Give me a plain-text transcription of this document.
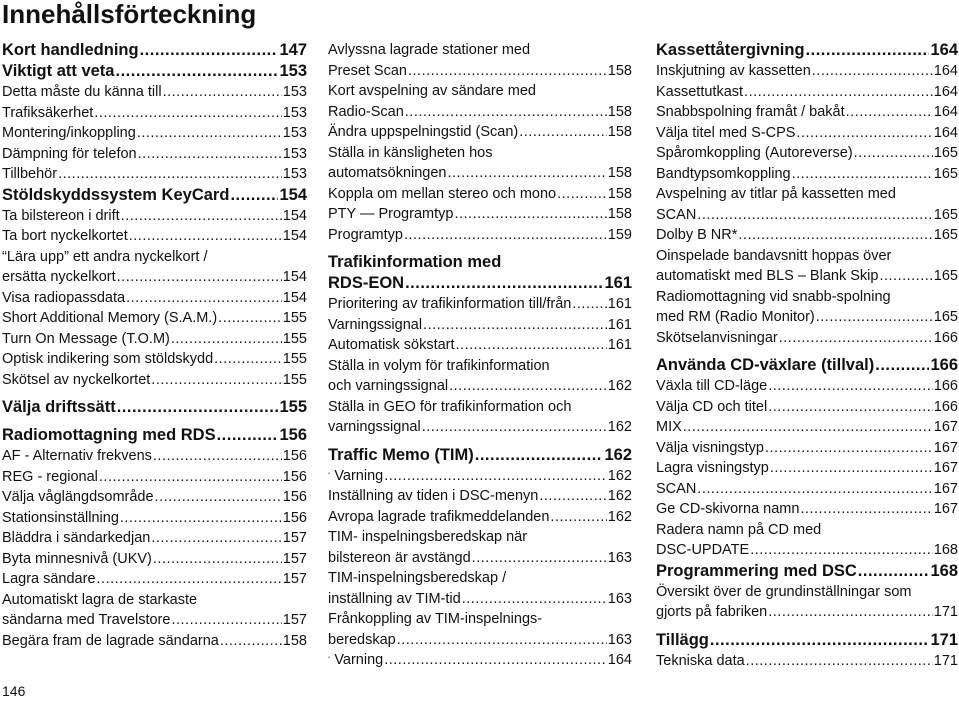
Innehållsförteckning
Kort handledning .....	147
Viktigt att veta .....	153
Detta måste du känna till .....	153
Trafiksäkerhet .....	153
Montering/inkoppling .....	153
Dämpning för telefon .....	153
Tillbehör .....	153
Stöldskyddssystem KeyCard .....	154
Ta bilstereon i drift .....	154
Ta bort nyckelkortet .....	154
“Lära upp” ett andra nyckelkort /
ersätta nyckelkort .....	154
Visa radiopassdata .....	154
Short Additional Memory (S.A.M.) .....	155
Turn On Message (T.O.M) .....	155
Optisk indikering som stöldskydd .....	155
Skötsel av nyckelkortet .....	155
Välja driftssätt .....	155
Radiomottagning med RDS .....	156
AF - Alternativ frekvens .....	156
REG - regional .....	156
Välja våglängdsområde .....	156
Stationsinställning .....	156
Bläddra i sändarkedjan .....	157
Byta minnesnivå (UKV) .....	157
Lagra sändare .....	157
Automatiskt lagra de starkaste
sändarna med Travelstore .....	157
Begära fram de lagrade sändarna .....	158
Avlyssna lagrade stationer med
Preset Scan .....	158
Kort avspelning av sändare med
Radio-Scan .....	158
Ändra uppspelningstid (Scan) .....	158
Ställa in känsligheten hos
automatsökningen .....	158
Koppla om mellan stereo och mono .....	158
PTY — Programtyp .....	158
Programtyp .....	159
Trafikinformation med
RDS-EON .....	161
Prioritering av trafikinformation till/från .....	161
Varningssignal .....	161
Automatisk sökstart .....	161
Ställa in volym för trafikinformation
och varningssignal .....	162
Ställa in GEO för trafikinformation och
varningssignal .....	162
Traffic Memo (TIM) .....	162
Varning .....	162
Inställning av tiden i DSC-menyn .....	162
Avropa lagrade trafikmeddelanden .....	162
TIM- inspelningsberedskap när
bilstereon är avstängd .....	163
TIM-inspelningsberedskap /
inställning av TIM-tid .....	163
Frånkoppling av TIM-inspelnings-
beredskap .....	163
Varning .....	164
Kassettåtergivning .....	164
Inskjutning av kassetten .....	164
Kassettutkast .....	164
Snabbspolning framåt / bakåt .....	164
Välja titel med S-CPS .....	164
Spåromkoppling (Autoreverse) .....	165
Bandtypsomkoppling .....	165
Avspelning av titlar på kassetten med
SCAN .....	165
Dolby B NR* .....	165
Oinspelade bandavsnitt hoppas över
automatiskt med BLS – Blank Skip .....	165
Radiomottagning vid snabb-spolning
med RM (Radio Monitor) .....	165
Skötselanvisningar .....	166
Använda CD-växlare (tillval) .....	166
Växla till CD-läge .....	166
Välja CD och titel .....	166
MIX .....	167
Välja visningstyp .....	167
Lagra visningstyp .....	167
SCAN .....	167
Ge CD-skivorna namn .....	167
Radera namn på CD med
DSC-UPDATE .....	168
Programmering med DSC .....	168
Översikt över de grundinställningar som
gjorts på fabriken .....	171
Tillägg .....	171
Tekniska data .....	171
146
